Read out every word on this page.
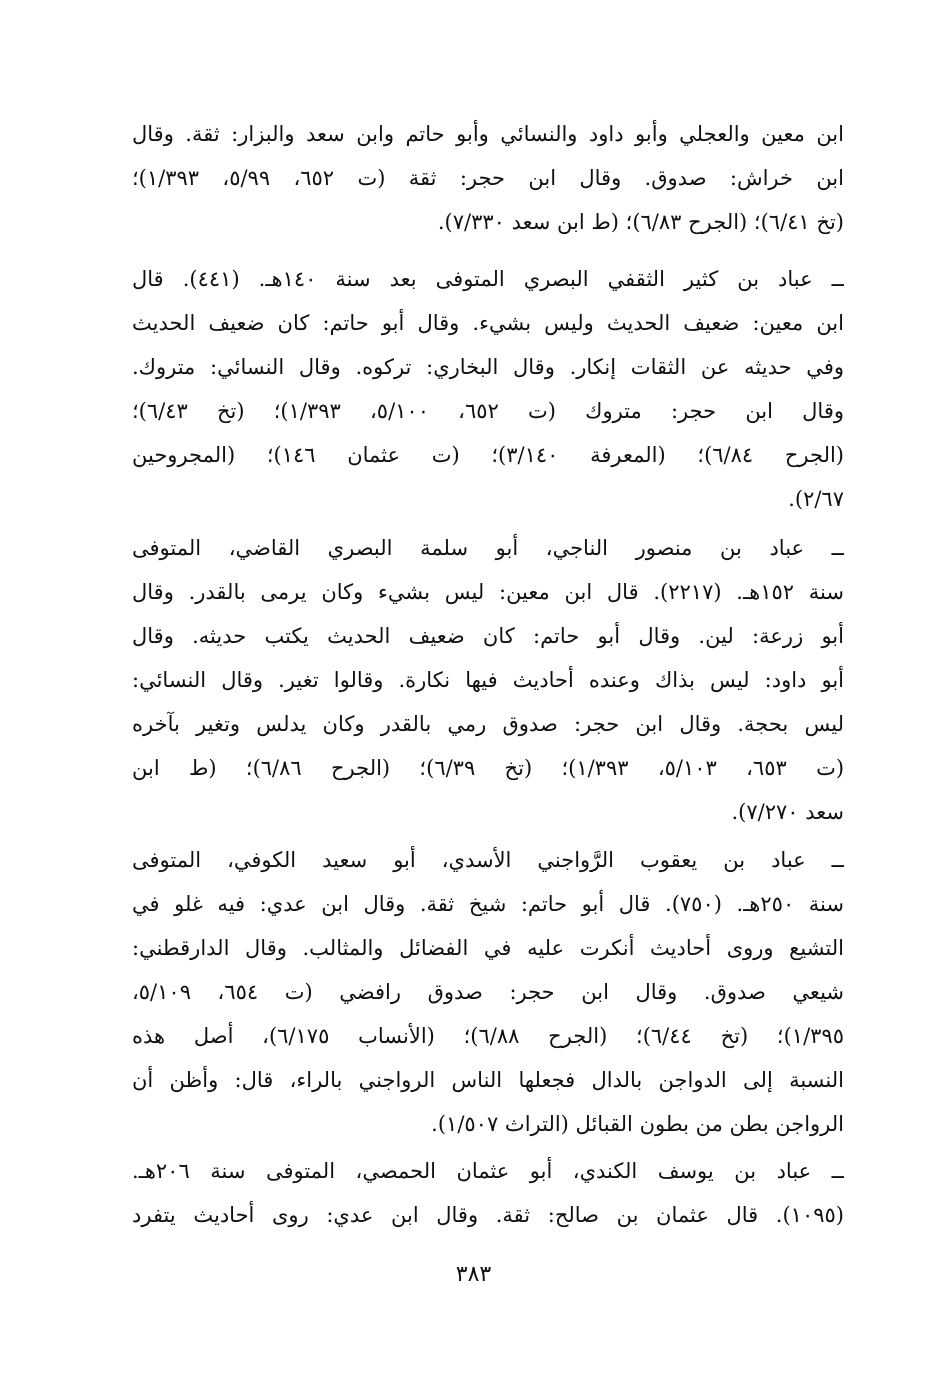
ابن معين والعجلي وأبو داود والنسائي وأبو حاتم وابن سعد والبزار: ثقة. وقال
ابن خراش: صدوق. وقال ابن حجر: ثقة (ت ٦٥٢، ٥/٩٩، ١/٣٩٣)؛
(تخ ٦/٤١)؛ (الجرح ٦/٨٣)؛ (ط ابن سعد ٧/٣٣٠).
ــ عباد بن كثير الثقفي البصري المتوفى بعد سنة ١٤٠هـ. (٤٤١). قال
ابن معين: ضعيف الحديث وليس بشيء. وقال أبو حاتم: كان ضعيف الحديث
وفي حديثه عن الثقات إنكار. وقال البخاري: تركوه. وقال النسائي: متروك.
وقال ابن حجر: متروك (ت ٦٥٢، ٥/١٠٠، ١/٣٩٣)؛ (تخ ٦/٤٣)؛
(الجرح ٦/٨٤)؛ (المعرفة ٣/١٤٠)؛ (ت عثمان ١٤٦)؛ (المجروحين
٢/٦٧).
ــ عباد بن منصور الناجي، أبو سلمة البصري القاضي، المتوفى
سنة ١٥٢هـ. (٢٢١٧). قال ابن معين: ليس بشيء وكان يرمى بالقدر. وقال
أبو زرعة: لين. وقال أبو حاتم: كان ضعيف الحديث يكتب حديثه. وقال
أبو داود: ليس بذاك وعنده أحاديث فيها نكارة. وقالوا تغير. وقال النسائي:
ليس بحجة. وقال ابن حجر: صدوق رمي بالقدر وكان يدلس وتغير بآخره
(ت ٦٥٣، ٥/١٠٣، ١/٣٩٣)؛ (تخ ٦/٣٩)؛ (الجرح ٦/٨٦)؛ (ط ابن
سعد ٧/٢٧٠).
ــ عباد بن يعقوب الرَّواجني الأسدي، أبو سعيد الكوفي، المتوفى
سنة ٢٥٠هـ. (٧٥٠). قال أبو حاتم: شيخ ثقة. وقال ابن عدي: فيه غلو في
التشيع وروى أحاديث أنكرت عليه في الفضائل والمثالب. وقال الدارقطني:
شيعي صدوق. وقال ابن حجر: صدوق رافضي (ت ٦٥٤، ٥/١٠٩،
١/٣٩٥)؛ (تخ ٦/٤٤)؛ (الجرح ٦/٨٨)؛ (الأنساب ٦/١٧٥)، أصل هذه
النسبة إلى الدواجن بالدال فجعلها الناس الرواجني بالراء، قال: وأظن أن
الرواجن بطن من بطون القبائل (التراث ١/٥٠٧).
ــ عباد بن يوسف الكندي، أبو عثمان الحمصي، المتوفى سنة ٢٠٦هـ.
(١٠٩٥). قال عثمان بن صالح: ثقة. وقال ابن عدي: روى أحاديث يتفرد
٣٨٣
